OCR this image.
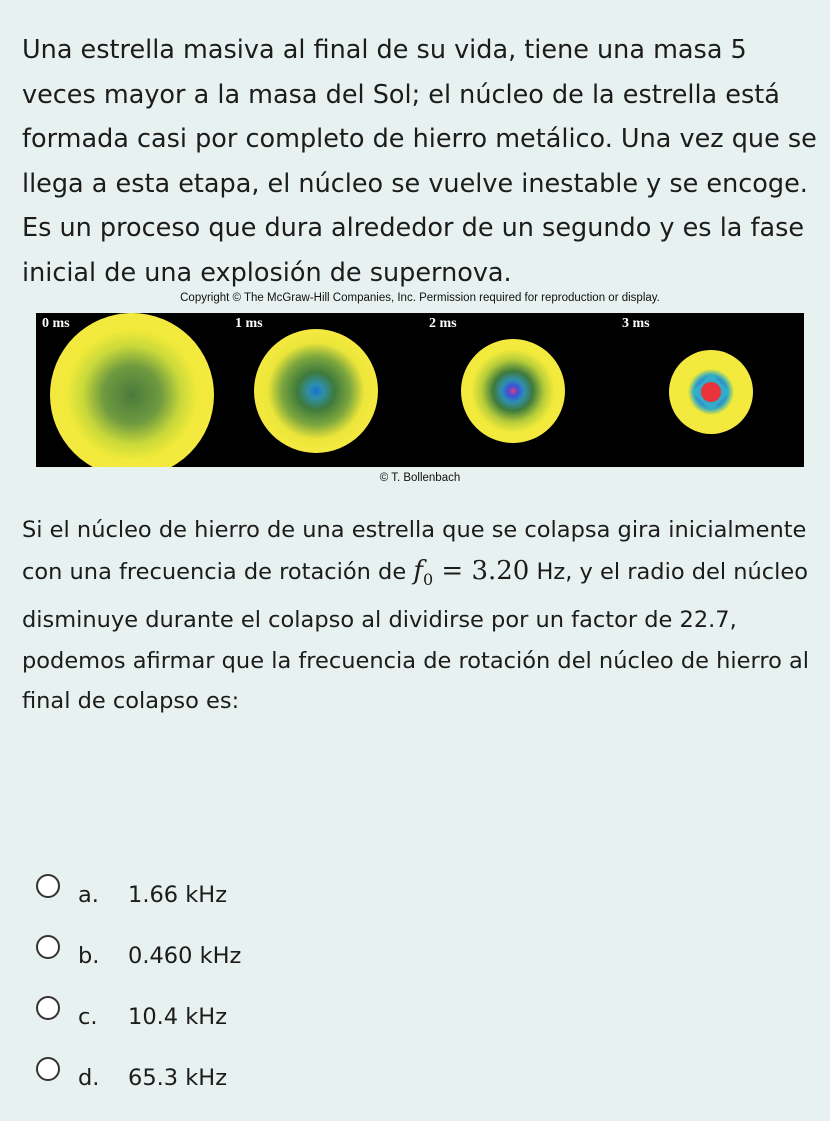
Una estrella masiva al final de su vida, tiene una masa 5 veces mayor a la masa del Sol; el núcleo de la estrella está formada casi por completo de hierro metálico. Una vez que se llega a esta etapa, el núcleo se vuelve inestable y se encoge. Es un proceso que dura alrededor de un segundo y es la fase inicial de una explosión de supernova.

Copyright © The McGraw-Hill Companies, Inc. Permission required for reproduction or display.
0 ms	1 ms	2 ms	3 ms
© T. Bollenbach

Si el núcleo de hierro de una estrella que se colapsa gira inicialmente con una frecuencia de rotación de $f_0 = 3.20$ Hz, y el radio del núcleo disminuye durante el colapso al dividirse por un factor de 22.7, podemos afirmar que la frecuencia de rotación del núcleo de hierro al final de colapso es:

a. 1.66 kHz
b. 0.460 kHz
c. 10.4 kHz
d. 65.3 kHz
